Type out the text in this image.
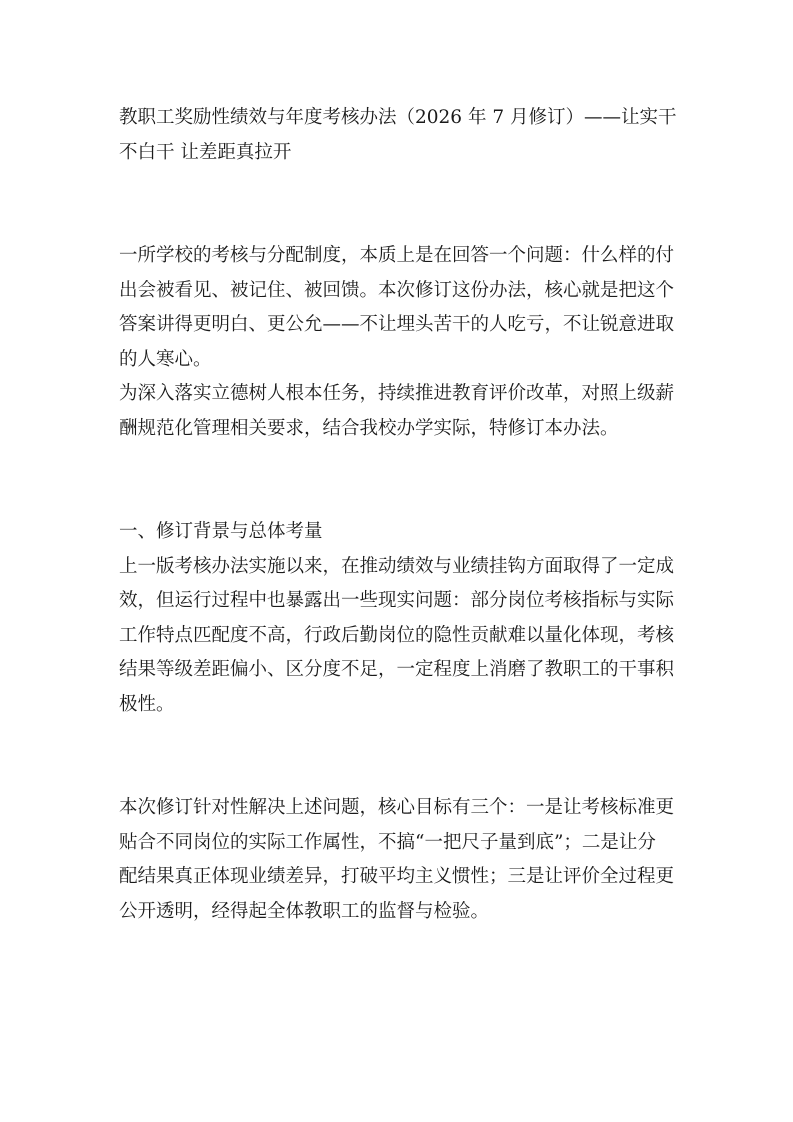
教职工奖励性绩效与年度考核办法（2026 年 7 月修订）——让实干

不白干 让差距真拉开

一所学校的考核与分配制度，本质上是在回答一个问题：什么样的付

出会被看见、被记住、被回馈。本次修订这份办法，核心就是把这个

答案讲得更明白、更公允——不让埋头苦干的人吃亏，不让锐意进取

的人寒心。

为深入落实立德树人根本任务，持续推进教育评价改革，对照上级薪

酬规范化管理相关要求，结合我校办学实际，特修订本办法。

一、修订背景与总体考量

上一版考核办法实施以来，在推动绩效与业绩挂钩方面取得了一定成

效，但运行过程中也暴露出一些现实问题：部分岗位考核指标与实际

工作特点匹配度不高，行政后勤岗位的隐性贡献难以量化体现，考核

结果等级差距偏小、区分度不足，一定程度上消磨了教职工的干事积

极性。

本次修订针对性解决上述问题，核心目标有三个：一是让考核标准更

贴合不同岗位的实际工作属性，不搞“一把尺子量到底”；二是让分

配结果真正体现业绩差异，打破平均主义惯性；三是让评价全过程更

公开透明，经得起全体教职工的监督与检验。
